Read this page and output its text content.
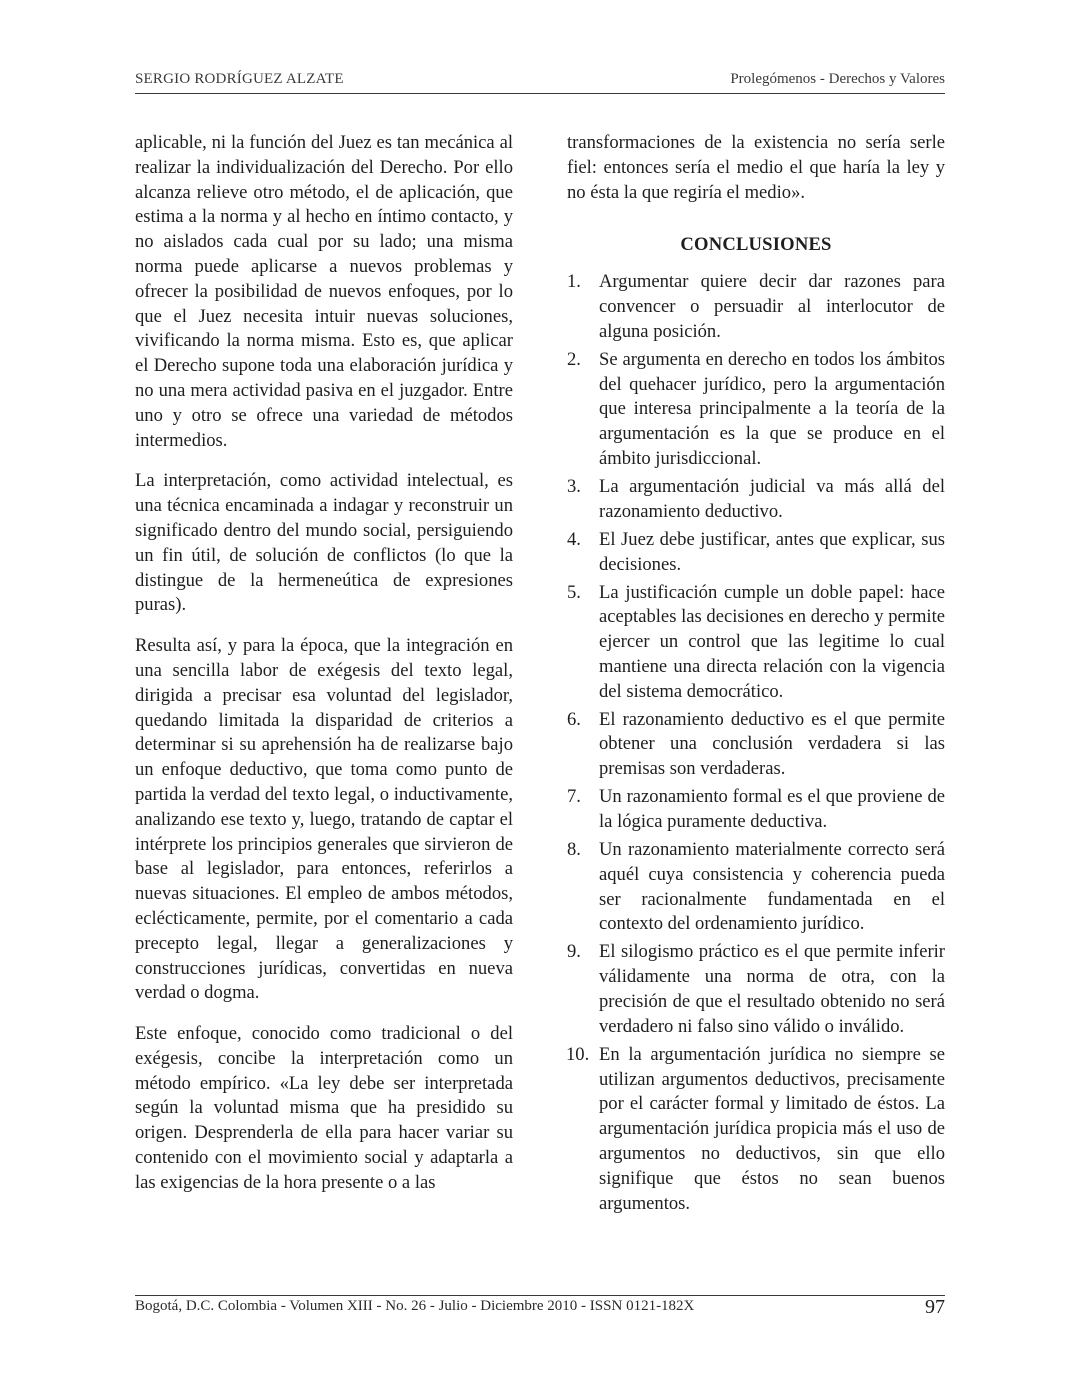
SERGIO RODRÍGUEZ ALZATE	Prolegómenos - Derechos y Valores

aplicable, ni la función del Juez es tan mecánica al realizar la individualización del Derecho. Por ello alcanza relieve otro método, el de aplicación, que estima a la norma y al hecho en íntimo contacto, y no aislados cada cual por su lado; una misma norma puede aplicarse a nuevos problemas y ofrecer la posibilidad de nuevos enfoques, por lo que el Juez necesita intuir nuevas soluciones, vivificando la norma misma. Esto es, que aplicar el Derecho supone toda una elaboración jurídica y no una mera actividad pasiva en el juzgador. Entre uno y otro se ofrece una variedad de métodos intermedios.

La interpretación, como actividad intelectual, es una técnica encaminada a indagar y reconstruir un significado dentro del mundo social, persiguiendo un fin útil, de solución de conflictos (lo que la distingue de la hermeneútica de expresiones puras).

Resulta así, y para la época, que la integración en una sencilla labor de exégesis del texto legal, dirigida a precisar esa voluntad del legislador, quedando limitada la disparidad de criterios a determinar si su aprehensión ha de realizarse bajo un enfoque deductivo, que toma como punto de partida la verdad del texto legal, o inductivamente, analizando ese texto y, luego, tratando de captar el intérprete los principios generales que sirvieron de base al legislador, para entonces, referirlos a nuevas situaciones. El empleo de ambos métodos, eclécticamente, permite, por el comentario a cada precepto legal, llegar a generalizaciones y construcciones jurídicas, convertidas en nueva verdad o dogma.

Este enfoque, conocido como tradicional o del exégesis, concibe la interpretación como un método empírico. «La ley debe ser interpretada según la voluntad misma que ha presidido su origen. Desprenderla de ella para hacer variar su contenido con el movimiento social y adaptarla a las exigencias de la hora presente o a las

transformaciones de la existencia no sería serle fiel: entonces sería el medio el que haría la ley y no ésta la que regiría el medio».

CONCLUSIONES
1. Argumentar quiere decir dar razones para convencer o persuadir al interlocutor de alguna posición.
2. Se argumenta en derecho en todos los ámbitos del quehacer jurídico, pero la argumentación que interesa principalmente a la teoría de la argumentación es la que se produce en el ámbito jurisdiccional.
3. La argumentación judicial va más allá del razonamiento deductivo.
4. El Juez debe justificar, antes que explicar, sus decisiones.
5. La justificación cumple un doble papel: hace aceptables las decisiones en derecho y permite ejercer un control que las legitime lo cual mantiene una directa relación con la vigencia del sistema democrático.
6. El razonamiento deductivo es el que permite obtener una conclusión verdadera si las premisas son verdaderas.
7. Un razonamiento formal es el que proviene de la lógica puramente deductiva.
8. Un razonamiento materialmente correcto será aquél cuya consistencia y coherencia pueda ser racionalmente fundamentada en el contexto del ordenamiento jurídico.
9. El silogismo práctico es el que permite inferir válidamente una norma de otra, con la precisión de que el resultado obtenido no será verdadero ni falso sino válido o inválido.
10. En la argumentación jurídica no siempre se utilizan argumentos deductivos, precisamente por el carácter formal y limitado de éstos. La argumentación jurídica propicia más el uso de argumentos no deductivos, sin que ello signifique que éstos no sean buenos argumentos.
Bogotá, D.C. Colombia - Volumen XIII - No. 26 - Julio - Diciembre 2010 - ISSN 0121-182X	97
